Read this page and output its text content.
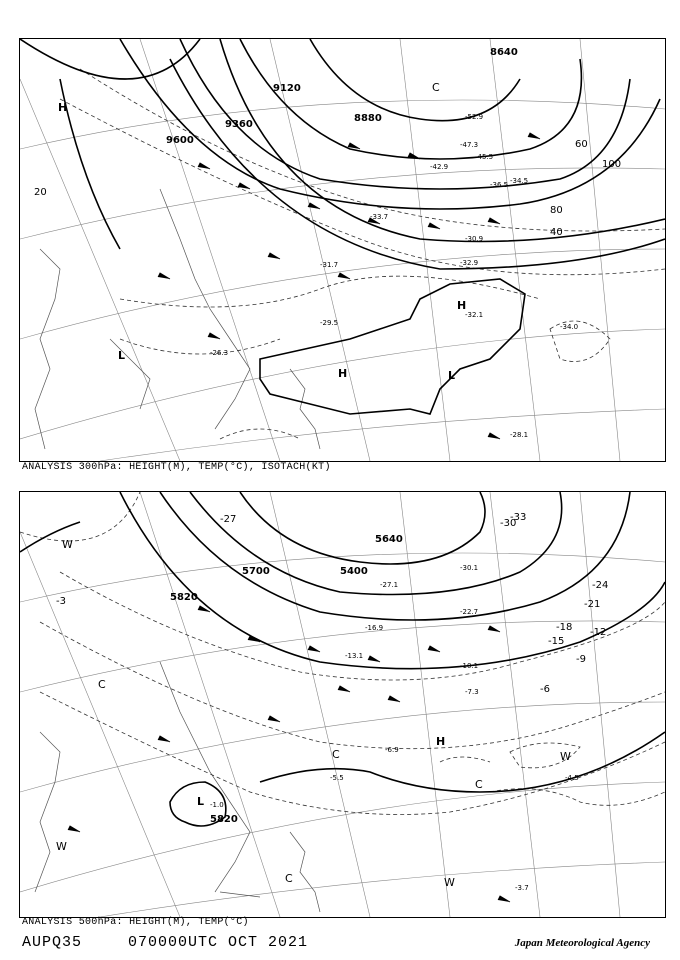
9600
9120
8880
8640
9360
20
40
60
80
100
H
H
H
L
L
C
-52.9
-47.3
-45.5
-42.9
-36.5 -34.5
-33.7
-32.9
-31.7
-30.9
-29.5
-28.1
-26.3
-34.0
-32.1
ANALYSIS 300hPa: HEIGHT(M), TEMP(°C), ISOTACH(KT)
5700
5820
5400
5640
5820
-3
-6
-9
-12
-15
-18
-21
-24
-27	-30
-33
H
W
W
W
W
C
C
C
C
L
-30.1
-27.1
-22.7
-16.9
-13.1
-10.1
-7.3
-6.9
-5.5	-4.5
-3.7
-1.0
ANALYSIS 500hPa: HEIGHT(M), TEMP(°C)
AUPQ35	070000UTC OCT 2021	Japan Meteorological Agency
